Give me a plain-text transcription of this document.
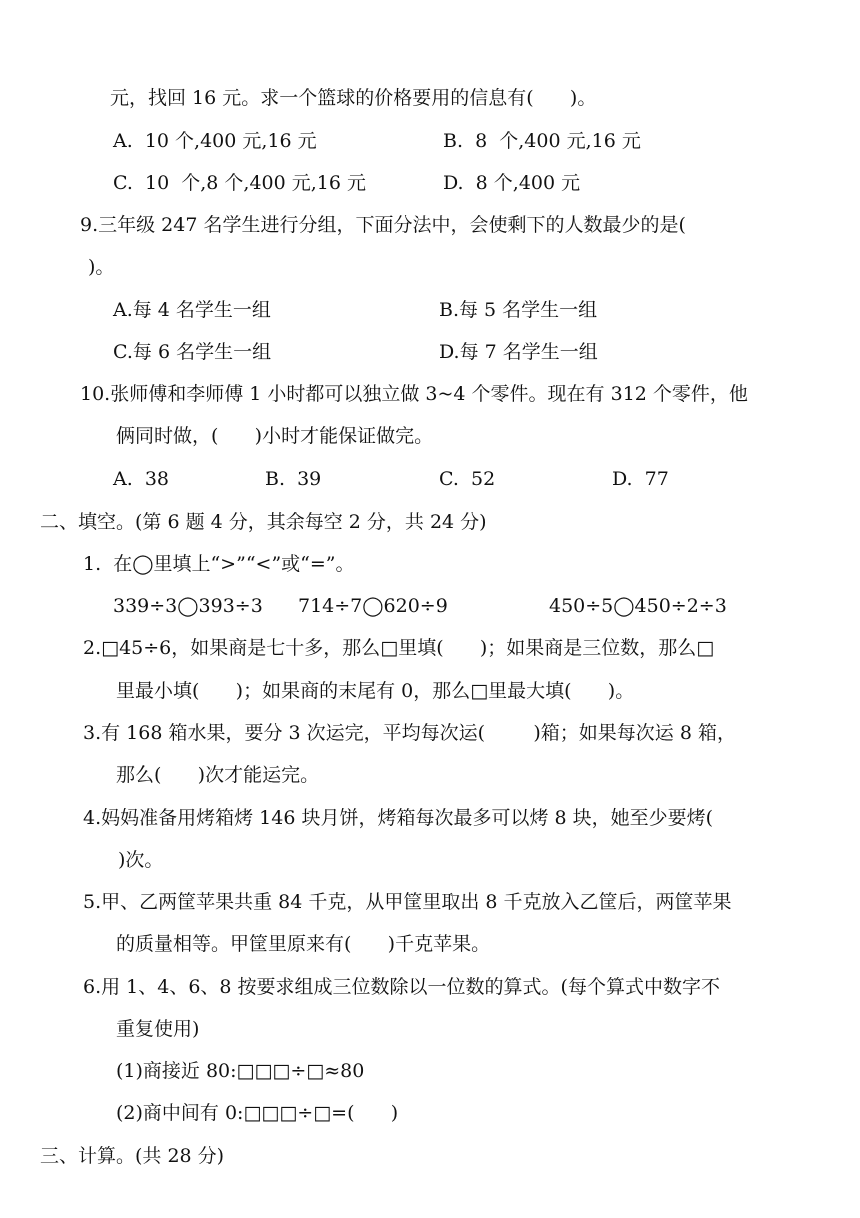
元，找回 16 元。求一个篮球的价格要用的信息有(      )。
A.  10 个,400 元,16 元	B.  8  个,400 元,16 元
C.  10  个,8 个,400 元,16 元	D.  8 个,400 元
9.三年级 247 名学生进行分组，下面分法中，会使剩下的人数最少的是(
)。
A.每 4 名学生一组	B.每 5 名学生一组
C.每 6 名学生一组	D.每 7 名学生一组
10.张师傅和李师傅 1 小时都可以独立做 3~4 个零件。现在有 312 个零件，他
俩同时做，(      )小时才能保证做完。
A.  38	B.  39	C.  52	D.  77
二、填空。(第 6 题 4 分，其余每空 2 分，共 24 分)
1.  在◯里填上“>”“<”或“=”。
339÷3◯393÷3 714÷7◯620÷9	450÷5◯450÷2÷3
2.□45÷6，如果商是七十多，那么□里填(      )；如果商是三位数，那么□
里最小填(      )；如果商的末尾有 0，那么□里最大填(      )。
3.有 168 箱水果，要分 3 次运完，平均每次运(        )箱；如果每次运 8 箱，
那么(      )次才能运完。
4.妈妈准备用烤箱烤 146 块月饼，烤箱每次最多可以烤 8 块，她至少要烤(
)次。
5.甲、乙两筐苹果共重 84 千克，从甲筐里取出 8 千克放入乙筐后，两筐苹果
的质量相等。甲筐里原来有(      )千克苹果。
6.用 1、4、6、8 按要求组成三位数除以一位数的算式。(每个算式中数字不
重复使用)
(1)商接近 80:□□□÷□≈80
(2)商中间有 0:□□□÷□=(      )
三、计算。(共 28 分)
